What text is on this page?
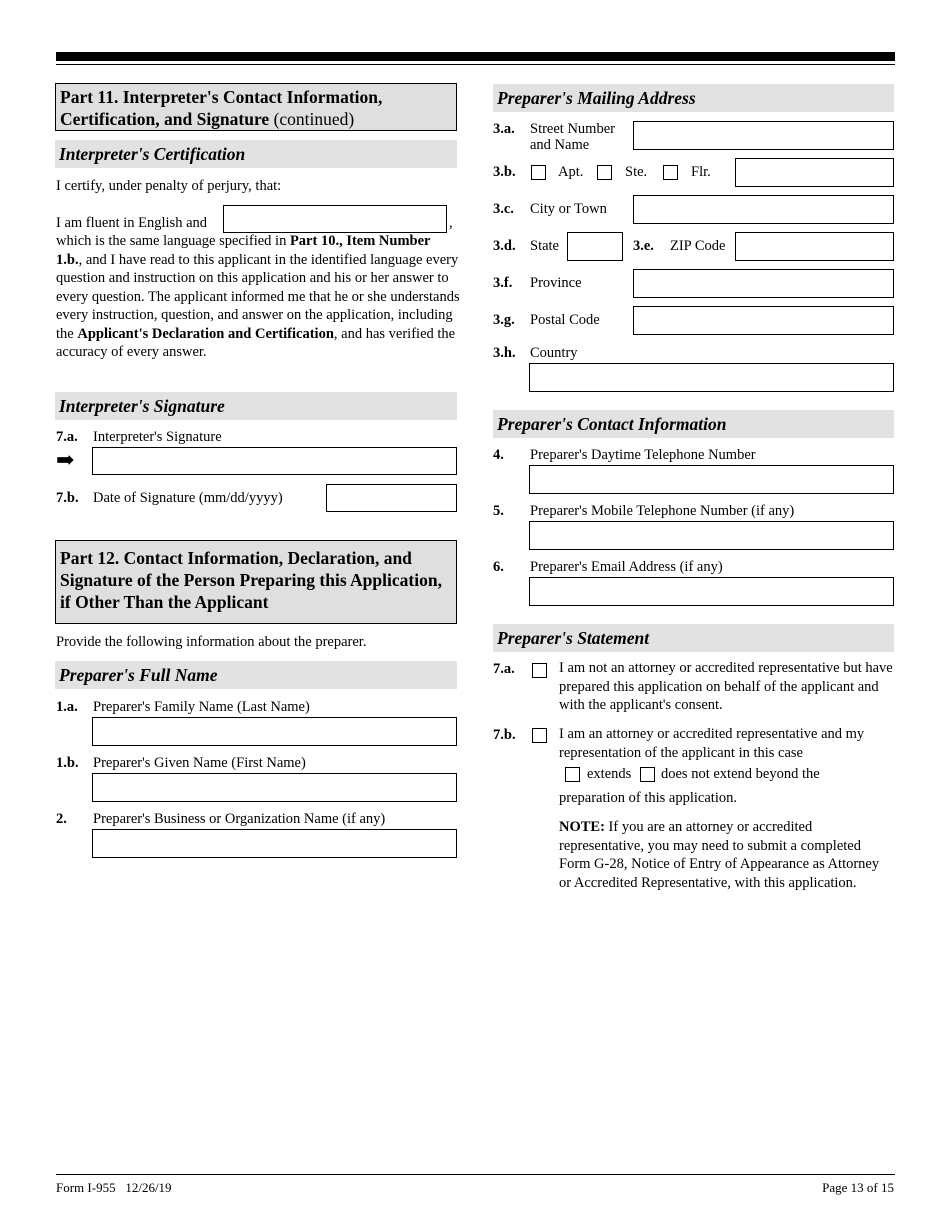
Part 11. Interpreter's Contact Information, Certification, and Signature (continued)
Interpreter's Certification
I certify, under penalty of perjury, that:
I am fluent in English and	,
which is the same language specified in Part 10., Item Number 1.b., and I have read to this applicant in the identified language every question and instruction on this application and his or her answer to every question. The applicant informed me that he or she understands every instruction, question, and answer on the application, including the Applicant's Declaration and Certification, and has verified the accuracy of every answer.
Interpreter's Signature
7.a. Interpreter's Signature
➡
7.b. Date of Signature (mm/dd/yyyy)
Part 12. Contact Information, Declaration, and Signature of the Person Preparing this Application, if Other Than the Applicant
Provide the following information about the preparer.
Preparer's Full Name
1.a. Preparer's Family Name (Last Name)
1.b. Preparer's Given Name (First Name)
2. Preparer's Business or Organization Name (if any)
Preparer's Mailing Address
3.a. Street Number
and Name
3.b.	Apt.	Ste.	Flr.
3.c. City or Town
3.d. State	3.e. ZIP Code
3.f. Province
3.g. Postal Code
3.h. Country
Preparer's Contact Information
4. Preparer's Daytime Telephone Number
5. Preparer's Mobile Telephone Number (if any)
6. Preparer's Email Address (if any)
Preparer's Statement
7.a.	I am not an attorney or accredited representative but have prepared this application on behalf of the applicant and with the applicant's consent.
7.b.	I am an attorney or accredited representative and my representation of the applicant in this case
extends does not extend beyond the
preparation of this application.
NOTE: If you are an attorney or accredited representative, you may need to submit a completed Form G-28, Notice of Entry of Appearance as Attorney or Accredited Representative, with this application.
Form I-955   12/26/19	Page 13 of 15
